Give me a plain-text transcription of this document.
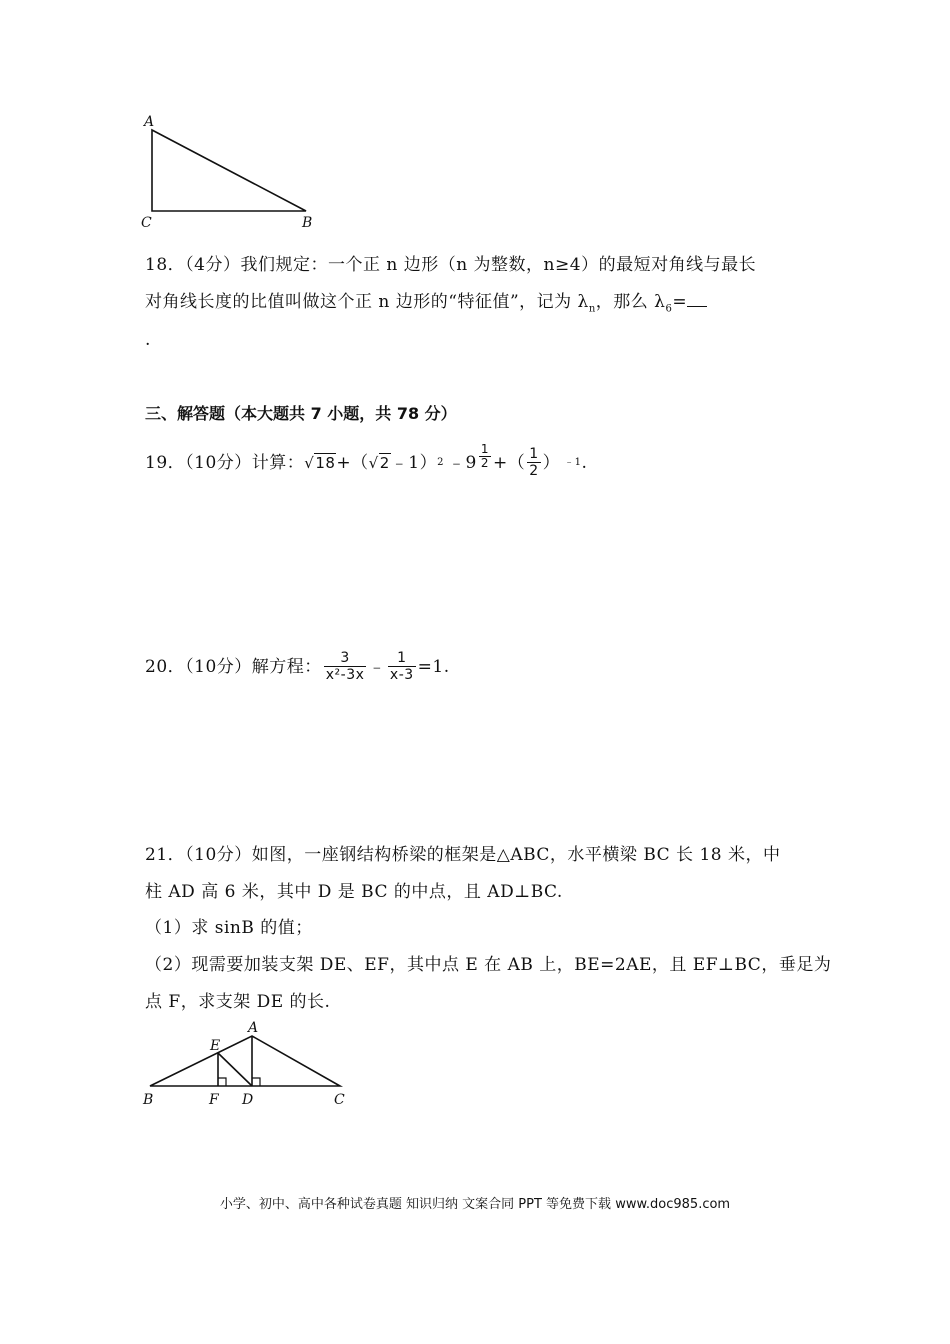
A
C	B
18．（4分）我们规定：一个正 n 边形（n 为整数，n≥4）的最短对角线与最长
对角线长度的比值叫做这个正 n 边形的“特征值”，记为 $\lambda_n$，那么 $\lambda_6=$
.
三、解答题（本大题共 7 小题，共 78 分）
19．（10分）计算： √18 +（ √2 ﹣1） 2 ﹣9 $\frac{1}{2}$ +（ $\frac{1}{2}$ ） ﹣1 .
20．（10分）解方程： $\frac{3}{\text{x²-3x}}$ ﹣ $\frac{1}{x-3} =1$.
21．（10分）如图，一座钢结构桥梁的框架是△ABC，水平横梁 BC 长 18 米，中
柱 AD 高 6 米，其中 D 是 BC 的中点，且 AD⊥BC.
（1）求 sinB 的值；
（2）现需要加装支架 DE、EF，其中点 E 在 AB 上，BE=2AE，且 EF⊥BC，垂足为
点 F，求支架 DE 的长.
A
E
B	F D	C
小学、初中、高中各种试卷真题 知识归纳 文案合同 PPT 等免费下载 www.doc985.com
